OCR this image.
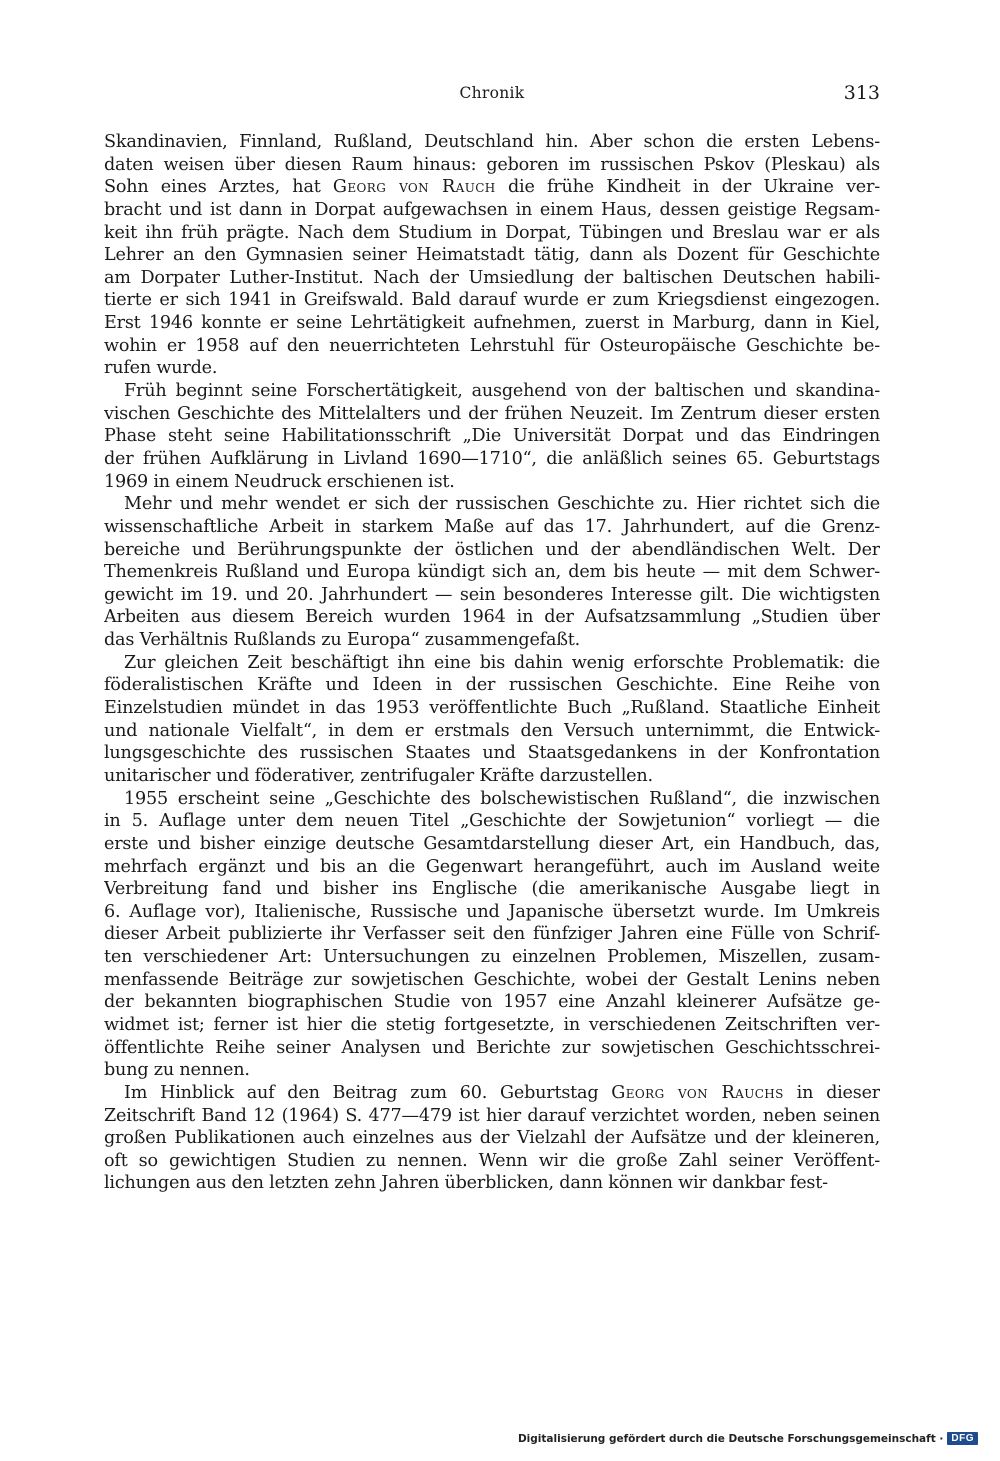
Chronik	313
Skandinavien, Finnland, Rußland, Deutschland hin. Aber schon die ersten Lebens-
daten weisen über diesen Raum hinaus: geboren im russischen Pskov (Pleskau) als
Sohn eines Arztes, hat Georg von Rauch die frühe Kindheit in der Ukraine ver-
bracht und ist dann in Dorpat aufgewachsen in einem Haus, dessen geistige Regsam-
keit ihn früh prägte. Nach dem Studium in Dorpat, Tübingen und Breslau war er als
Lehrer an den Gymnasien seiner Heimatstadt tätig, dann als Dozent für Geschichte
am Dorpater Luther-Institut. Nach der Umsiedlung der baltischen Deutschen habili-
tierte er sich 1941 in Greifswald. Bald darauf wurde er zum Kriegsdienst eingezogen.
Erst 1946 konnte er seine Lehrtätigkeit aufnehmen, zuerst in Marburg, dann in Kiel,
wohin er 1958 auf den neuerrichteten Lehrstuhl für Osteuropäische Geschichte be-
rufen wurde.
Früh beginnt seine Forschertätigkeit, ausgehend von der baltischen und skandina-
vischen Geschichte des Mittelalters und der frühen Neuzeit. Im Zentrum dieser ersten
Phase steht seine Habilitationsschrift „Die Universität Dorpat und das Eindringen
der frühen Aufklärung in Livland 1690—1710“, die anläßlich seines 65. Geburtstags
1969 in einem Neudruck erschienen ist.
Mehr und mehr wendet er sich der russischen Geschichte zu. Hier richtet sich die
wissenschaftliche Arbeit in starkem Maße auf das 17. Jahrhundert, auf die Grenz-
bereiche und Berührungspunkte der östlichen und der abendländischen Welt. Der
Themenkreis Rußland und Europa kündigt sich an, dem bis heute — mit dem Schwer-
gewicht im 19. und 20. Jahrhundert — sein besonderes Interesse gilt. Die wichtigsten
Arbeiten aus diesem Bereich wurden 1964 in der Aufsatzsammlung „Studien über
das Verhältnis Rußlands zu Europa“ zusammengefaßt.
Zur gleichen Zeit beschäftigt ihn eine bis dahin wenig erforschte Problematik: die
föderalistischen Kräfte und Ideen in der russischen Geschichte. Eine Reihe von
Einzelstudien mündet in das 1953 veröffentlichte Buch „Rußland. Staatliche Einheit
und nationale Vielfalt“, in dem er erstmals den Versuch unternimmt, die Entwick-
lungsgeschichte des russischen Staates und Staatsgedankens in der Konfrontation
unitarischer und föderativer, zentrifugaler Kräfte darzustellen.
1955 erscheint seine „Geschichte des bolschewistischen Rußland“, die inzwischen
in 5. Auflage unter dem neuen Titel „Geschichte der Sowjetunion“ vorliegt — die
erste und bisher einzige deutsche Gesamtdarstellung dieser Art, ein Handbuch, das,
mehrfach ergänzt und bis an die Gegenwart herangeführt, auch im Ausland weite
Verbreitung fand und bisher ins Englische (die amerikanische Ausgabe liegt in
6. Auflage vor), Italienische, Russische und Japanische übersetzt wurde. Im Umkreis
dieser Arbeit publizierte ihr Verfasser seit den fünfziger Jahren eine Fülle von Schrif-
ten verschiedener Art: Untersuchungen zu einzelnen Problemen, Miszellen, zusam-
menfassende Beiträge zur sowjetischen Geschichte, wobei der Gestalt Lenins neben
der bekannten biographischen Studie von 1957 eine Anzahl kleinerer Aufsätze ge-
widmet ist; ferner ist hier die stetig fortgesetzte, in verschiedenen Zeitschriften ver-
öffentlichte Reihe seiner Analysen und Berichte zur sowjetischen Geschichtsschrei-
bung zu nennen.
Im Hinblick auf den Beitrag zum 60. Geburtstag Georg von Rauchs in dieser
Zeitschrift Band 12 (1964) S. 477—479 ist hier darauf verzichtet worden, neben seinen
großen Publikationen auch einzelnes aus der Vielzahl der Aufsätze und der kleineren,
oft so gewichtigen Studien zu nennen. Wenn wir die große Zahl seiner Veröffent-
lichungen aus den letzten zehn Jahren überblicken, dann können wir dankbar fest-
Digitalisierung gefördert durch die Deutsche Forschungsgemeinschaft · DFG
